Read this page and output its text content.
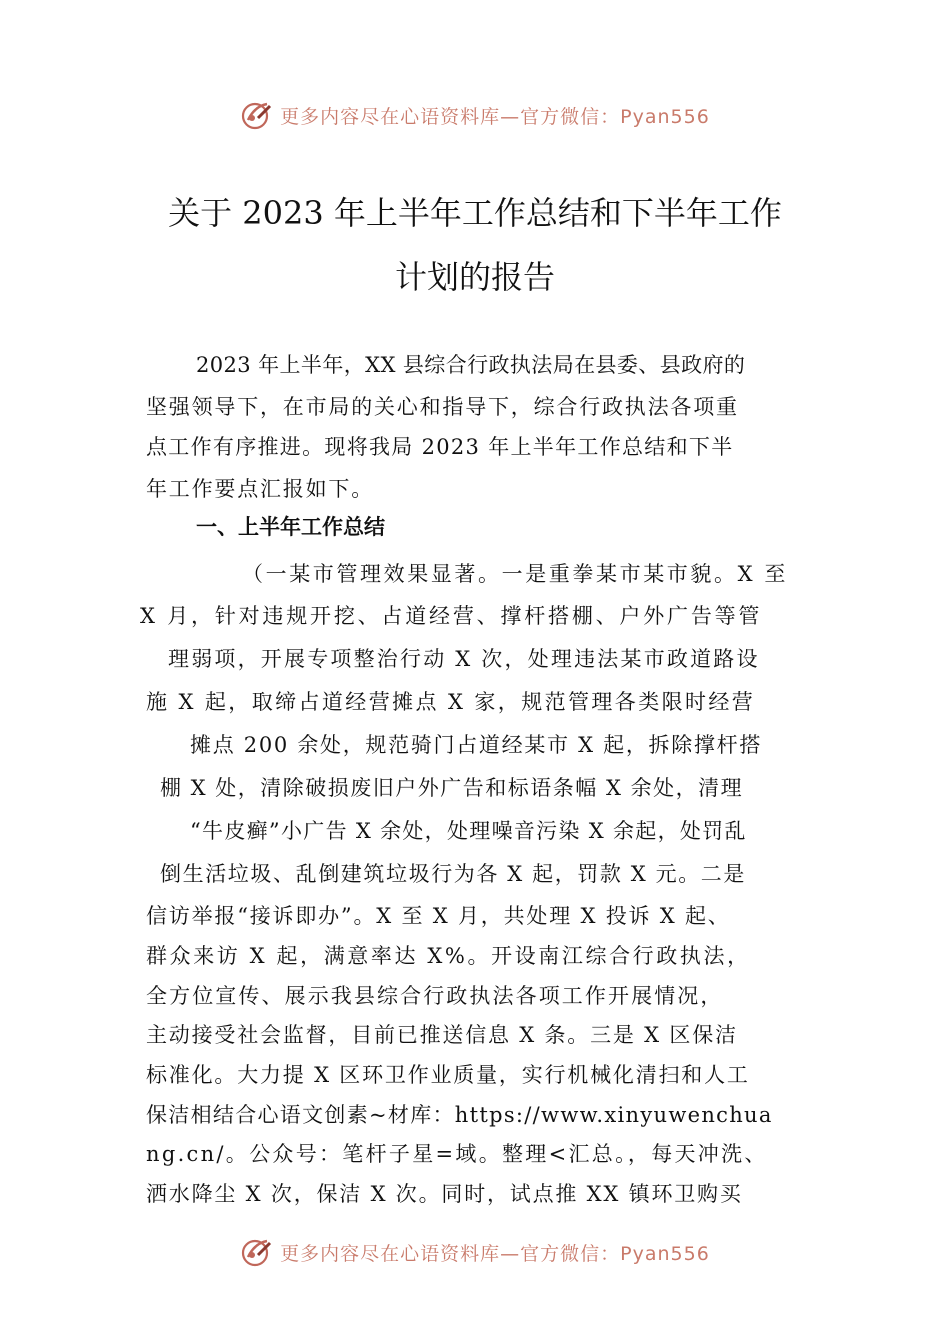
更多内容尽在心语资料库—官方微信：Pyan556
关于 2023 年上半年工作总结和下半年工作
计划的报告
2023 年上半年，XX 县综合行政执法局在县委、县政府的
坚强领导下，在市局的关心和指导下，综合行政执法各项重
点工作有序推进。现将我局 2023 年上半年工作总结和下半
年工作要点汇报如下。
一、上半年工作总结
（一某市管理效果显著。一是重拳某市某市貌。X 至
X 月，针对违规开挖、占道经营、撑杆搭棚、户外广告等管
理弱项，开展专项整治行动 X 次，处理违法某市政道路设
施 X 起，取缔占道经营摊点 X 家，规范管理各类限时经营
摊点 200 余处，规范骑门占道经某市 X 起，拆除撑杆搭
棚 X 处，清除破损废旧户外广告和标语条幅 X 余处，清理
“牛皮癣”小广告 X 余处，处理噪音污染 X 余起，处罚乱
倒生活垃圾、乱倒建筑垃圾行为各 X 起，罚款 X 元。二是
信访举报“接诉即办”。X 至 X 月，共处理 X 投诉 X 起、
群众来访 X 起，满意率达 X%。开设南江综合行政执法，
全方位宣传、展示我县综合行政执法各项工作开展情况，
主动接受社会监督，目前已推送信息 X 条。三是 X 区保洁
标准化。大力提 X 区环卫作业质量，实行机械化清扫和人工
保洁相结合心语文创素~材库：https://www.xinyuwenchua
ng.cn/。公众号：笔杆子星=域。整理<汇总。，每天冲洗、
洒水降尘 X 次，保洁 X 次。同时，试点推 XX 镇环卫购买
更多内容尽在心语资料库—官方微信：Pyan556
